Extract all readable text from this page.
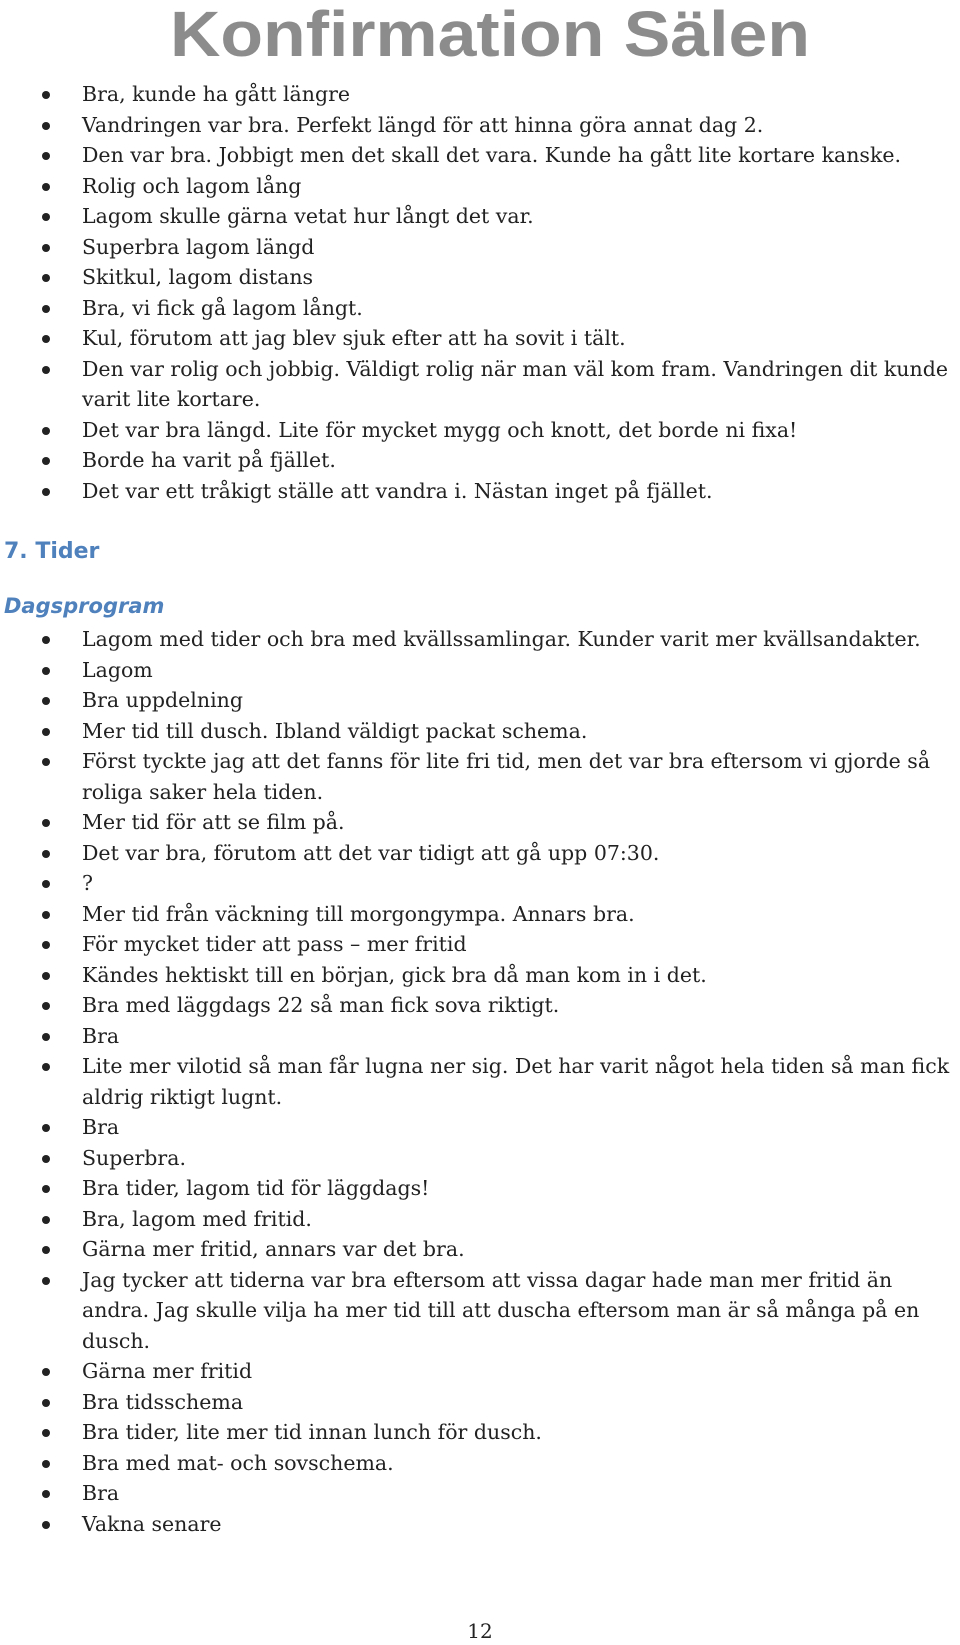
Konfirmation Sälen
Bra, kunde ha gått längre
Vandringen var bra. Perfekt längd för att hinna göra annat dag 2.
Den var bra. Jobbigt men det skall det vara. Kunde ha gått lite kortare kanske.
Rolig och lagom lång
Lagom skulle gärna vetat hur långt det var.
Superbra lagom längd
Skitkul, lagom distans
Bra, vi fick gå lagom långt.
Kul, förutom att jag blev sjuk efter att ha sovit i tält.
Den var rolig och jobbig. Väldigt rolig när man väl kom fram. Vandringen dit kunde varit lite kortare.
Det var bra längd. Lite för mycket mygg och knott, det borde ni fixa!
Borde ha varit på fjället.
Det var ett tråkigt ställe att vandra i. Nästan inget på fjället.
7. Tider
Dagsprogram
Lagom med tider och bra med kvällssamlingar. Kunder varit mer kvällsandakter.
Lagom
Bra uppdelning
Mer tid till dusch. Ibland väldigt packat schema.
Först tyckte jag att det fanns för lite fri tid, men det var bra eftersom vi gjorde så roliga saker hela tiden.
Mer tid för att se film på.
Det var bra, förutom att det var tidigt att gå upp 07:30.
?
Mer tid från väckning till morgongympa. Annars bra.
För mycket tider att pass – mer fritid
Kändes hektiskt till en början, gick bra då man kom in i det.
Bra med läggdags 22 så man fick sova riktigt.
Bra
Lite mer vilotid så man får lugna ner sig. Det har varit något hela tiden så man fick aldrig riktigt lugnt.
Bra
Superbra.
Bra tider, lagom tid för läggdags!
Bra, lagom med fritid.
Gärna mer fritid, annars var det bra.
Jag tycker att tiderna var bra eftersom att vissa dagar hade man mer fritid än andra. Jag skulle vilja ha mer tid till att duscha eftersom man är så många på en dusch.
Gärna mer fritid
Bra tidsschema
Bra tider, lite mer tid innan lunch för dusch.
Bra med mat- och sovschema.
Bra
Vakna senare
12
